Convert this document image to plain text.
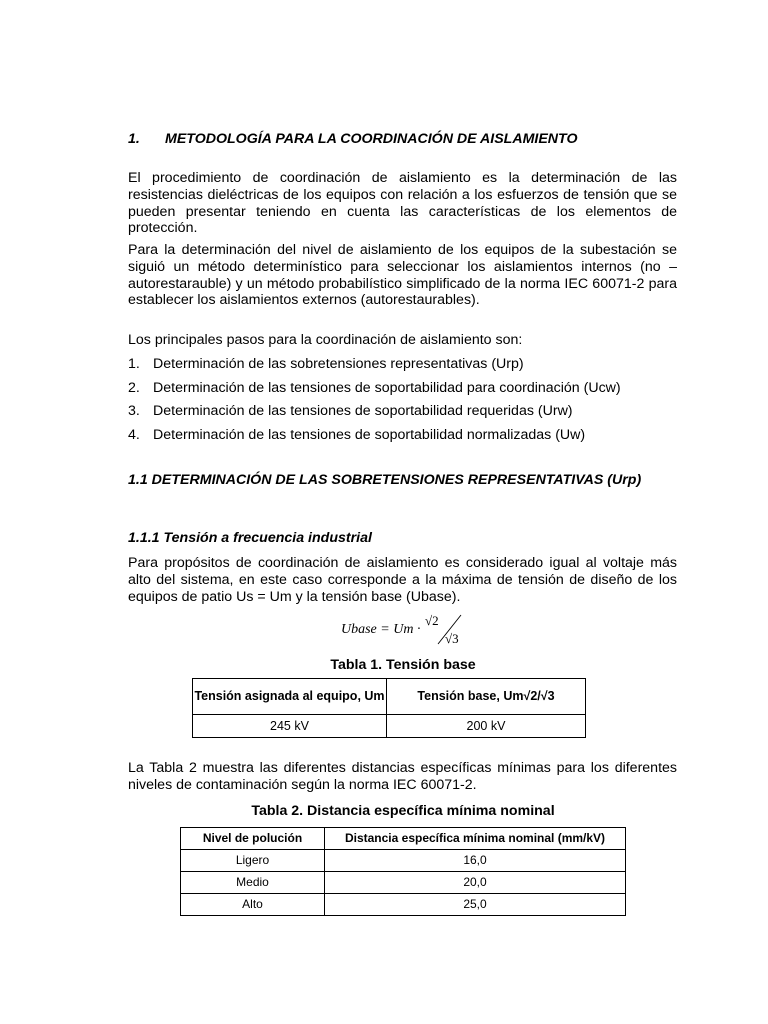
1. METODOLOGÍA PARA LA COORDINACIÓN DE AISLAMIENTO
El procedimiento de coordinación de aislamiento es la determinación de las resistencias dieléctricas de los equipos con relación a los esfuerzos de tensión que se pueden presentar teniendo en cuenta las características de los elementos de protección.
Para la determinación del nivel de aislamiento de los equipos de la subestación se siguió un método determinístico para seleccionar los aislamientos internos (no – autorestarauble) y un método probabilístico simplificado de la norma IEC 60071-2 para establecer los aislamientos externos (autorestaurables).
Los principales pasos para la coordinación de aislamiento son:
1. Determinación de las sobretensiones representativas (Urp)
2. Determinación de las tensiones de soportabilidad para coordinación (Ucw)
3. Determinación de las tensiones de soportabilidad requeridas (Urw)
4. Determinación de las tensiones de soportabilidad normalizadas (Uw)
1.1 DETERMINACIÓN DE LAS SOBRETENSIONES REPRESENTATIVAS (Urp)
1.1.1 Tensión a frecuencia industrial
Para propósitos de coordinación de aislamiento es considerado igual al voltaje más alto del sistema, en este caso corresponde a la máxima de tensión de diseño de los equipos de patio Us = Um y la tensión base (Ubase).
Ubase = Um ·
√2
√3
Tabla 1. Tensión base
Tensión asignada al equipo, Um	Tensión base, Um√2/√3
245 kV	200 kV
La Tabla 2 muestra las diferentes distancias específicas mínimas para los diferentes niveles de contaminación según la norma IEC 60071-2.
Tabla 2. Distancia específica mínima nominal
Nivel de polución	Distancia específica mínima nominal (mm/kV)
Ligero	16,0
Medio	20,0
Alto	25,0
